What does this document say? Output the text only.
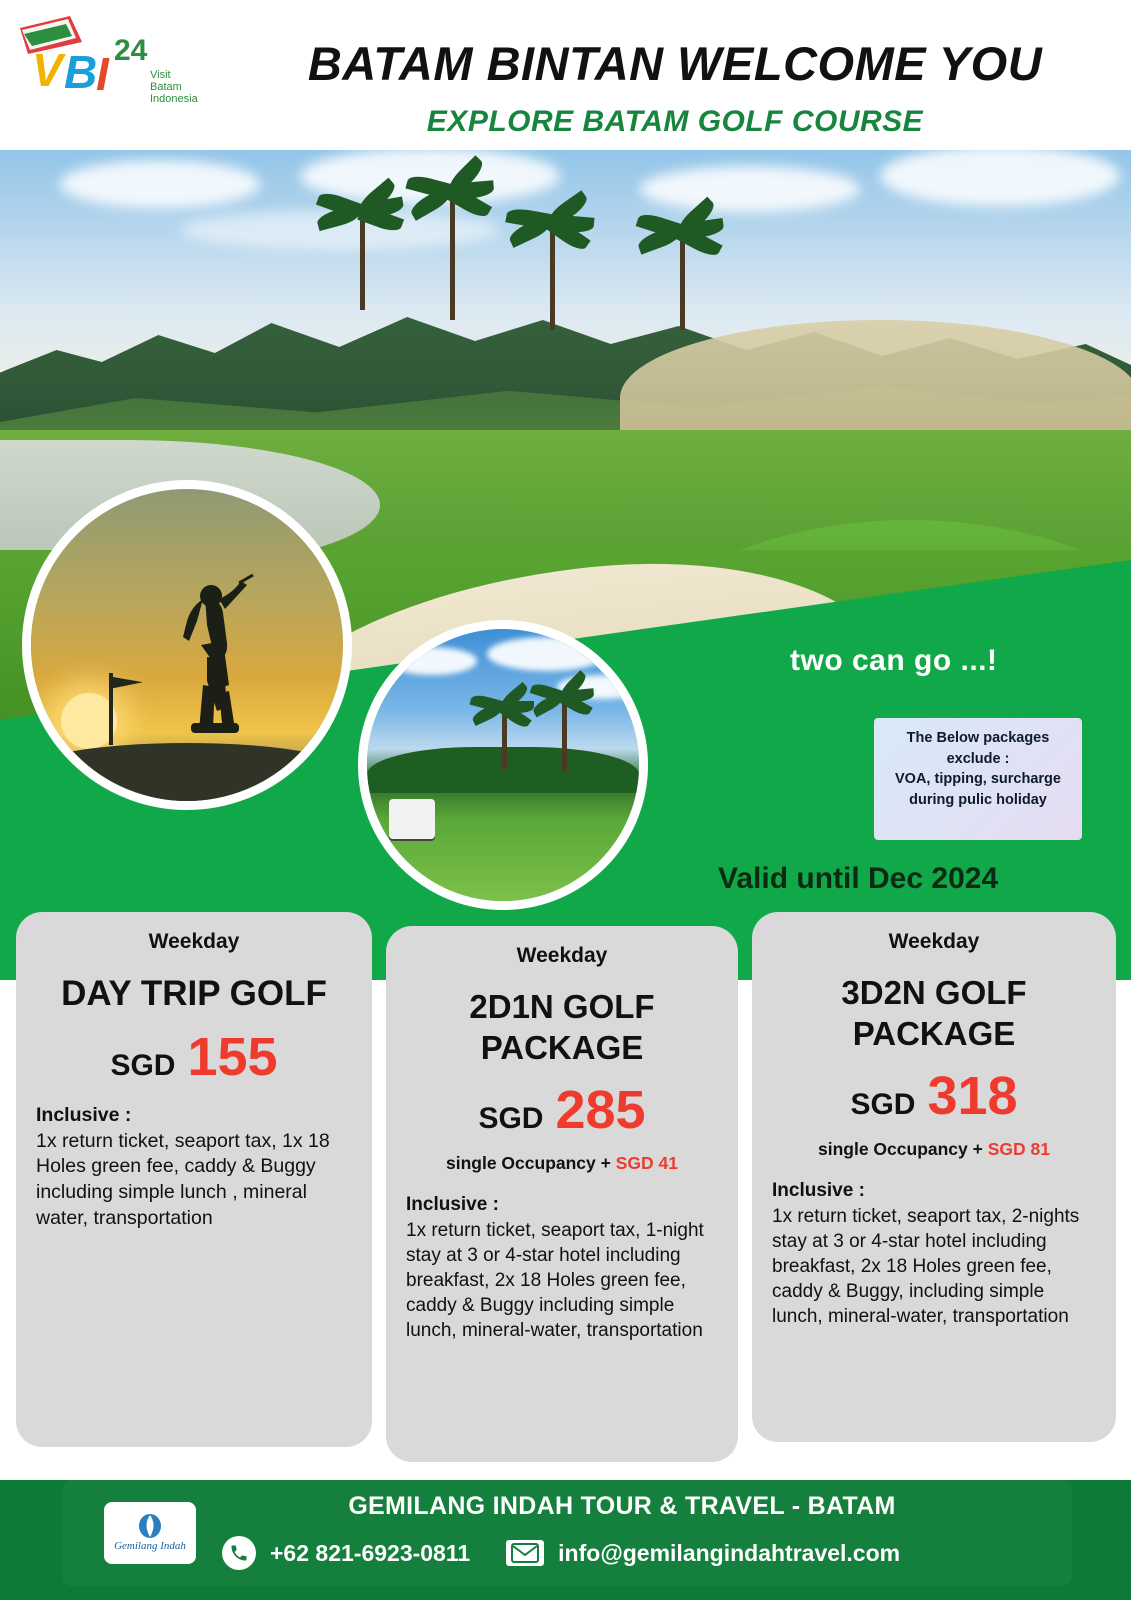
V B
I 24
Visit
Batam
Indonesia
BATAM BINTAN WELCOME YOU
EXPLORE BATAM GOLF COURSE
two can go ...!
The Below packages
exclude :
VOA, tipping, surcharge
during pulic holiday
Valid until Dec 2024
Weekday
DAY TRIP GOLF
SGD 155
Inclusive :
1x return ticket, seaport tax, 1x 18 Holes green fee, caddy & Buggy including simple lunch , mineral water, transportation
Weekday
2D1N GOLF PACKAGE
SGD 285
single Occupancy + SGD 41
Inclusive :
1x return ticket, seaport tax, 1-night stay at 3 or 4-star hotel including breakfast, 2x 18 Holes green fee, caddy & Buggy including simple lunch, mineral-water, transportation
Weekday
3D2N GOLF PACKAGE
SGD 318
single Occupancy + SGD 81
Inclusive :
1x return ticket, seaport tax, 2-nights stay at 3 or 4-star hotel including breakfast, 2x 18 Holes green fee, caddy & Buggy, including simple lunch, mineral-water, transportation
Gemilang Indah
GEMILANG INDAH TOUR & TRAVEL - BATAM
+62 821-6923-0811	info@gemilangindahtravel.com
